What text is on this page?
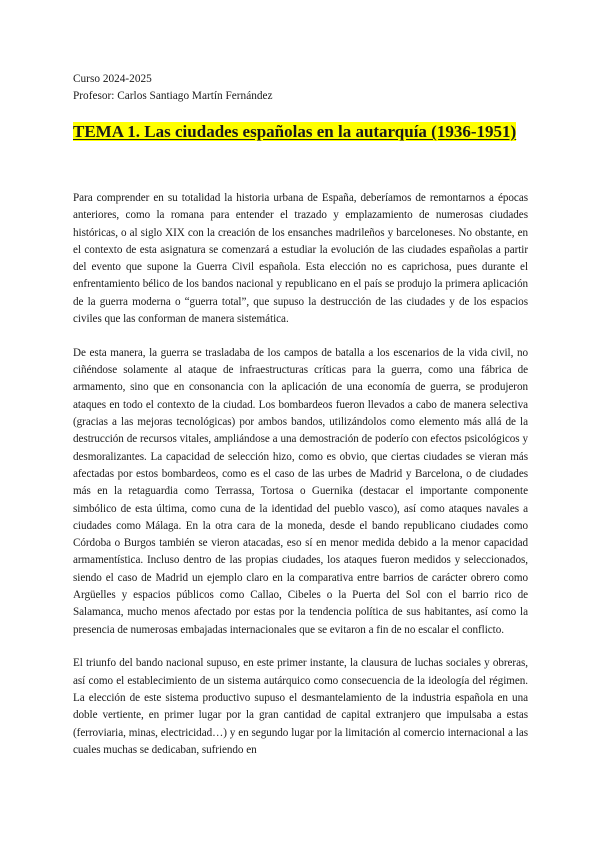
Curso 2024-2025
Profesor: Carlos Santiago Martín Fernández
TEMA 1. Las ciudades españolas en la autarquía (1936-1951)

Para comprender en su totalidad la historia urbana de España, deberíamos de remontarnos a épocas anteriores, como la romana para entender el trazado y emplazamiento de numerosas ciudades históricas, o al siglo XIX con la creación de los ensanches madrileños y barceloneses. No obstante, en el contexto de esta asignatura se comenzará a estudiar la evolución de las ciudades españolas a partir del evento que supone la Guerra Civil española. Esta elección no es caprichosa, pues durante el enfrentamiento bélico de los bandos nacional y republicano en el país se produjo la primera aplicación de la guerra moderna o “guerra total”, que supuso la destrucción de las ciudades y de los espacios civiles que las conforman de manera sistemática.

De esta manera, la guerra se trasladaba de los campos de batalla a los escenarios de la vida civil, no ciñéndose solamente al ataque de infraestructuras críticas para la guerra, como una fábrica de armamento, sino que en consonancia con la aplicación de una economía de guerra, se produjeron ataques en todo el contexto de la ciudad. Los bombardeos fueron llevados a cabo de manera selectiva (gracias a las mejoras tecnológicas) por ambos bandos, utilizándolos como elemento más allá de la destrucción de recursos vitales, ampliándose a una demostración de poderío con efectos psicológicos y desmoralizantes. La capacidad de selección hizo, como es obvio, que ciertas ciudades se vieran más afectadas por estos bombardeos, como es el caso de las urbes de Madrid y Barcelona, o de ciudades más en la retaguardia como Terrassa, Tortosa o Guernika (destacar el importante componente simbólico de esta última, como cuna de la identidad del pueblo vasco), así como ataques navales a ciudades como Málaga. En la otra cara de la moneda, desde el bando republicano ciudades como Córdoba o Burgos también se vieron atacadas, eso sí en menor medida debido a la menor capacidad armamentística. Incluso dentro de las propias ciudades, los ataques fueron medidos y seleccionados, siendo el caso de Madrid un ejemplo claro en la comparativa entre barrios de carácter obrero como Argüelles y espacios públicos como Callao, Cibeles o la Puerta del Sol con el barrio rico de Salamanca, mucho menos afectado por estas por la tendencia política de sus habitantes, así como la presencia de numerosas embajadas internacionales que se evitaron a fin de no escalar el conflicto.

El triunfo del bando nacional supuso, en este primer instante, la clausura de luchas sociales y obreras, así como el establecimiento de un sistema autárquico como consecuencia de la ideología del régimen. La elección de este sistema productivo supuso el desmantelamiento de la industria española en una doble vertiente, en primer lugar por la gran cantidad de capital extranjero que impulsaba a estas (ferroviaria, minas, electricidad…) y en segundo lugar por la limitación al comercio internacional a las cuales muchas se dedicaban, sufriendo en
